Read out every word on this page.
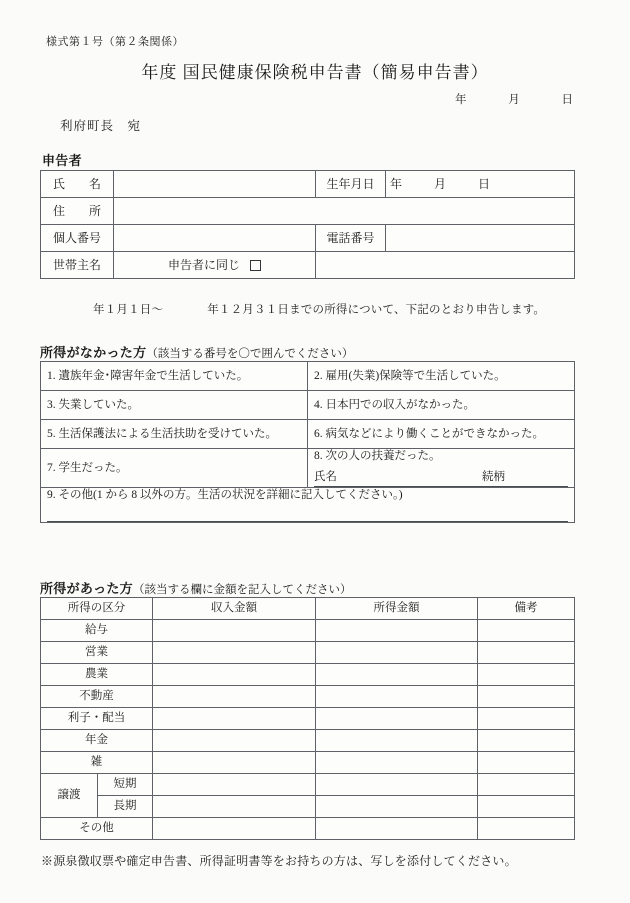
様式第１号（第２条関係）
年度 国民健康保険税申告書（簡易申告書）
年	月	日
利府町長　宛
申告者
氏　　名		生年月日	年 月 日
住　　所			
個人番号		電話番号	
世帯主名	申告者に同じ		
年１月１日〜	年１２月３１日までの所得について、下記のとおり申告します。
所得がなかった方（該当する番号を〇で囲んでください）
1. 遺族年金･障害年金で生活していた。	2. 雇用(失業)保険等で生活していた。
3. 失業していた。	4. 日本円での収入がなかった。
5. 生活保護法による生活扶助を受けていた。	6. 病気などにより働くことができなかった。
7. 学生だった。	8. 次の人の扶養だった。
氏名 続柄

9. その他(1 から 8 以外の方。生活の状況を詳細に記入してください。)	
所得があった方（該当する欄に金額を記入してください）
所得の区分		収入金額	所得金額	備考
給与				
営業				
農業				
不動産				
利子・配当				
年金				
雑				
譲渡	短期			
	長期			
その他				
※源泉徴収票や確定申告書、所得証明書等をお持ちの方は、写しを添付してください。
